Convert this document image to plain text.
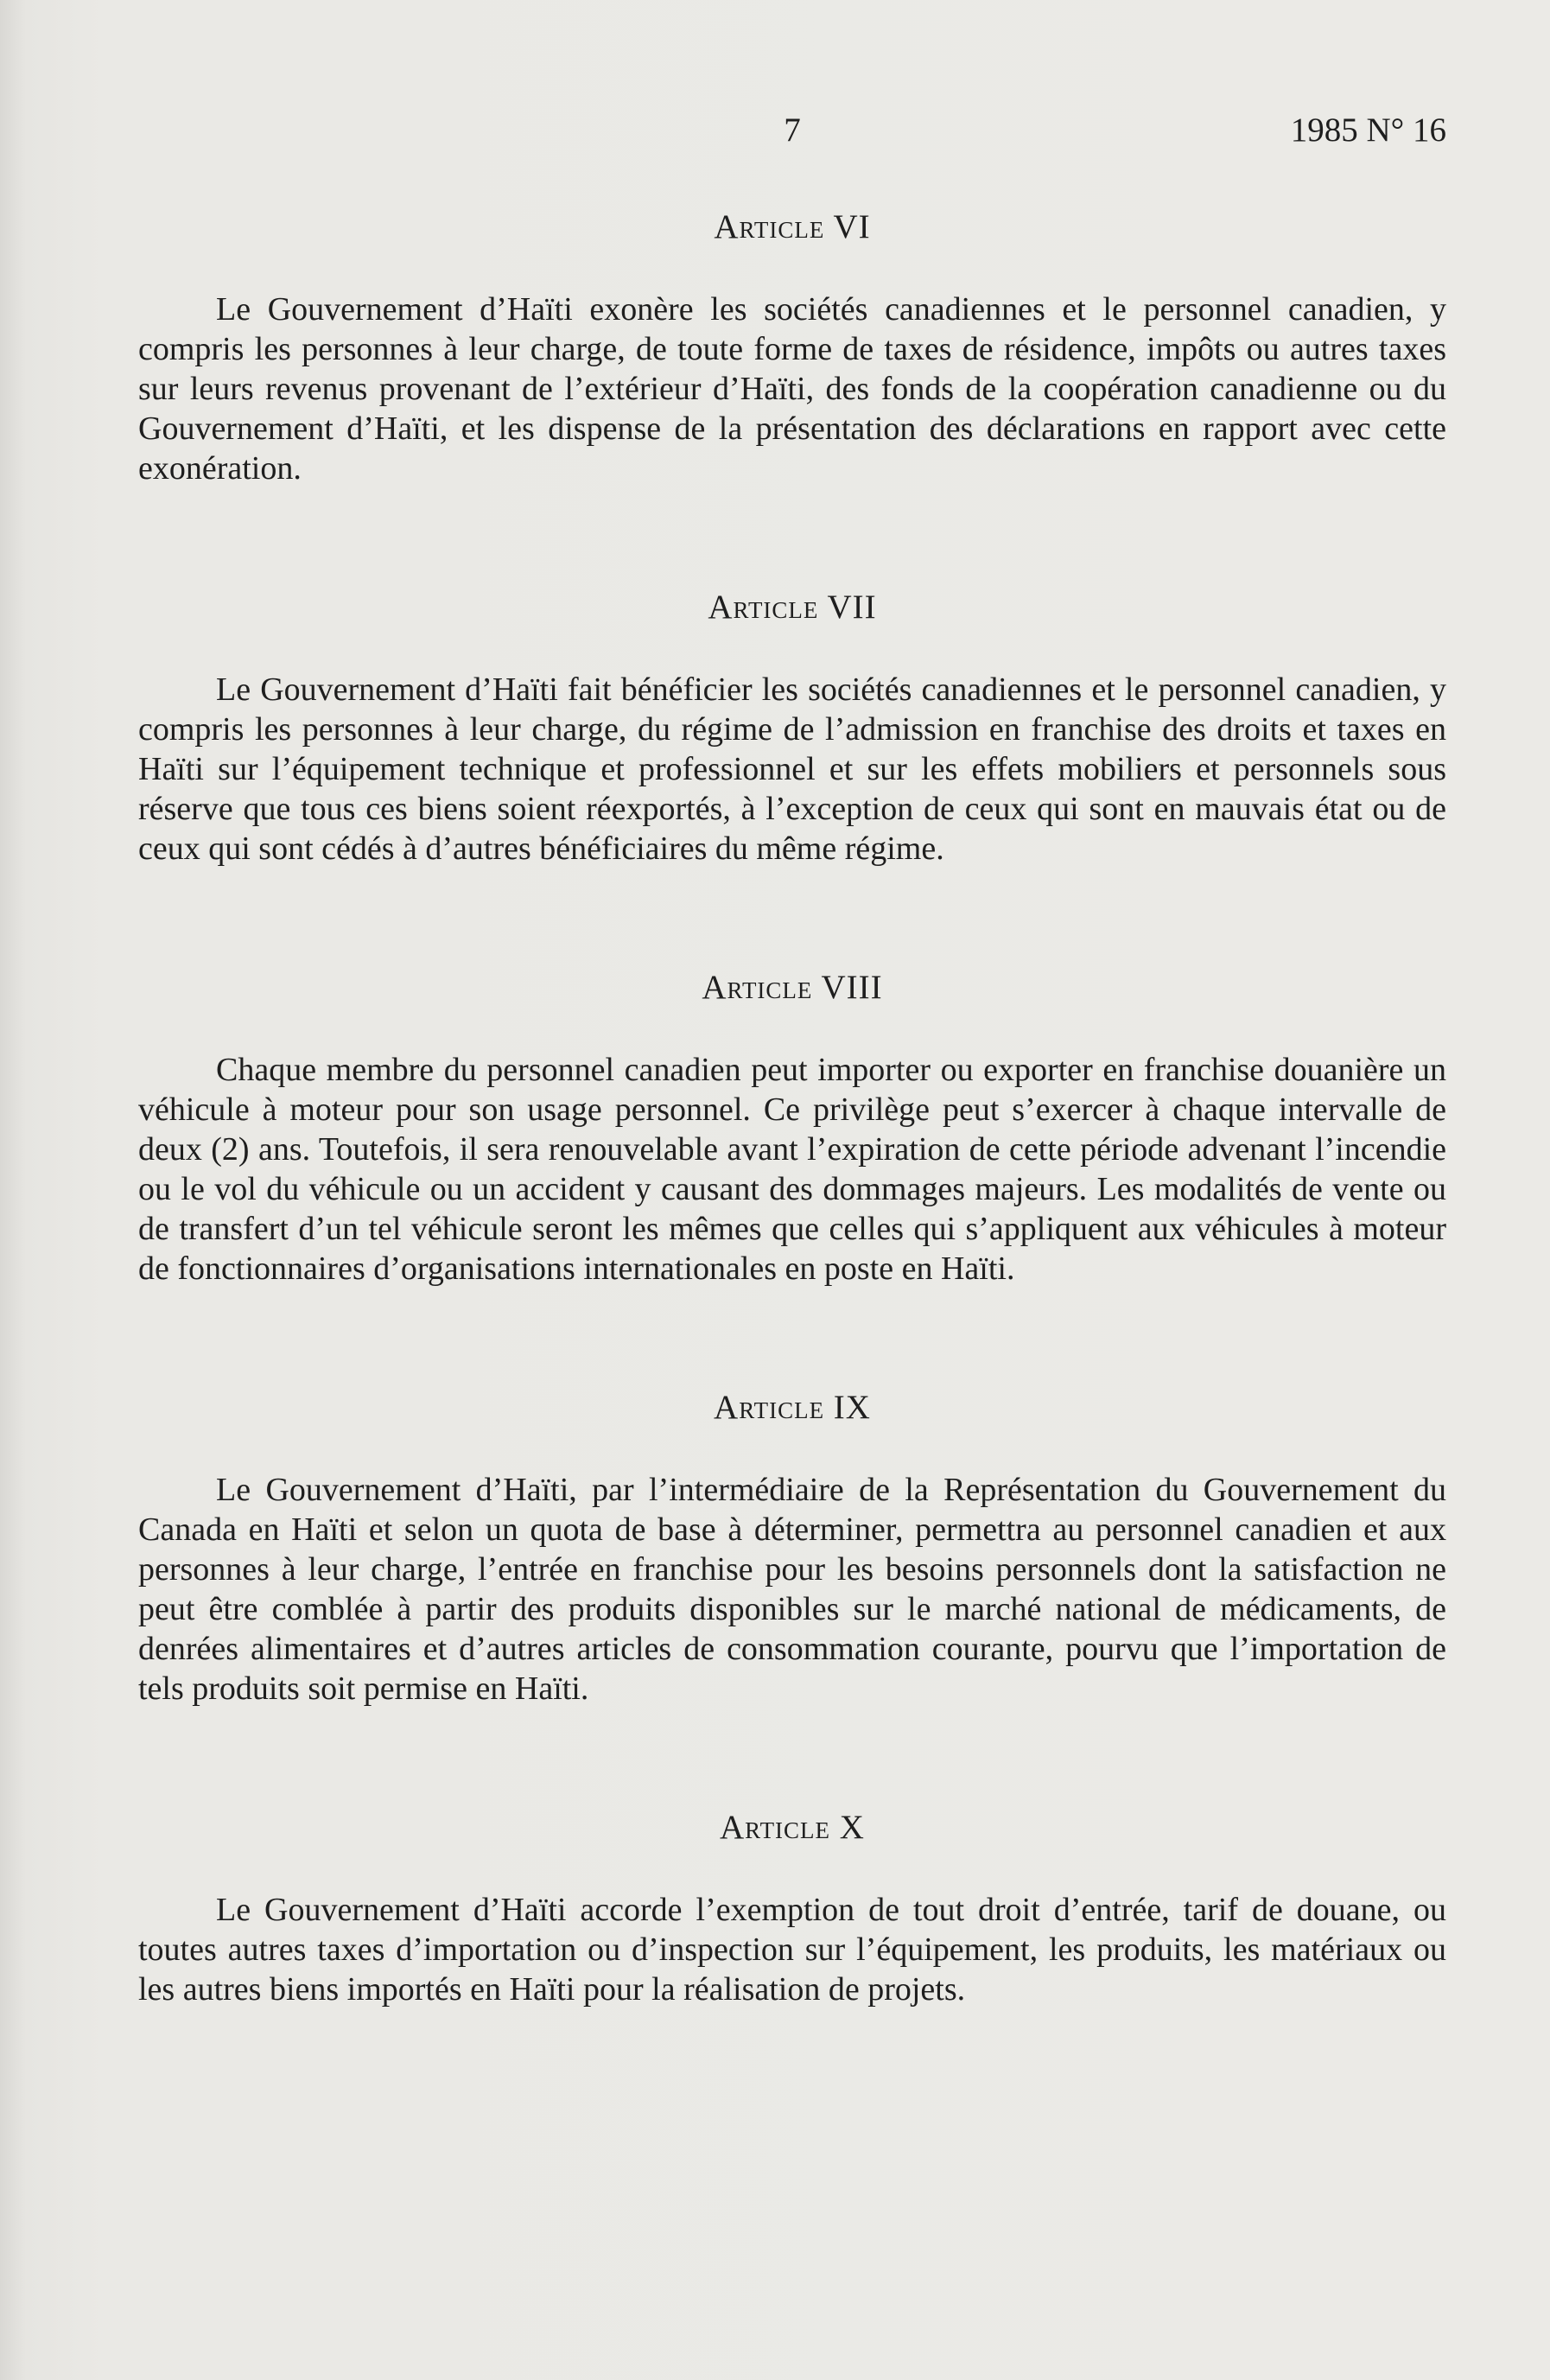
7	1985 N° 16
Article VI

Le Gouvernement d’Haïti exonère les sociétés canadiennes et le personnel canadien, y compris les personnes à leur charge, de toute forme de taxes de résidence, impôts ou autres taxes sur leurs revenus provenant de l’extérieur d’Haïti, des fonds de la coopération canadienne ou du Gouvernement d’Haïti, et les dispense de la présentation des déclarations en rapport avec cette exonération.

Article VII

Le Gouvernement d’Haïti fait bénéficier les sociétés canadiennes et le personnel canadien, y compris les personnes à leur charge, du régime de l’admission en franchise des droits et taxes en Haïti sur l’équipement technique et professionnel et sur les effets mobiliers et personnels sous réserve que tous ces biens soient réexportés, à l’exception de ceux qui sont en mauvais état ou de ceux qui sont cédés à d’autres bénéficiaires du même régime.

Article VIII

Chaque membre du personnel canadien peut importer ou exporter en franchise douanière un véhicule à moteur pour son usage personnel. Ce privilège peut s’exercer à chaque intervalle de deux (2) ans. Toutefois, il sera renouvelable avant l’expiration de cette période advenant l’incendie ou le vol du véhicule ou un accident y causant des dommages majeurs. Les modalités de vente ou de transfert d’un tel véhicule seront les mêmes que celles qui s’appliquent aux véhicules à moteur de fonctionnaires d’organisations internationales en poste en Haïti.

Article IX

Le Gouvernement d’Haïti, par l’intermédiaire de la Représentation du Gouvernement du Canada en Haïti et selon un quota de base à déterminer, permettra au personnel canadien et aux personnes à leur charge, l’entrée en franchise pour les besoins personnels dont la satisfaction ne peut être comblée à partir des produits disponibles sur le marché national de médicaments, de denrées alimentaires et d’autres articles de consommation courante, pourvu que l’importation de tels produits soit permise en Haïti.

Article X

Le Gouvernement d’Haïti accorde l’exemption de tout droit d’entrée, tarif de douane, ou toutes autres taxes d’importation ou d’inspection sur l’équipement, les produits, les matériaux ou les autres biens importés en Haïti pour la réalisation de projets.
